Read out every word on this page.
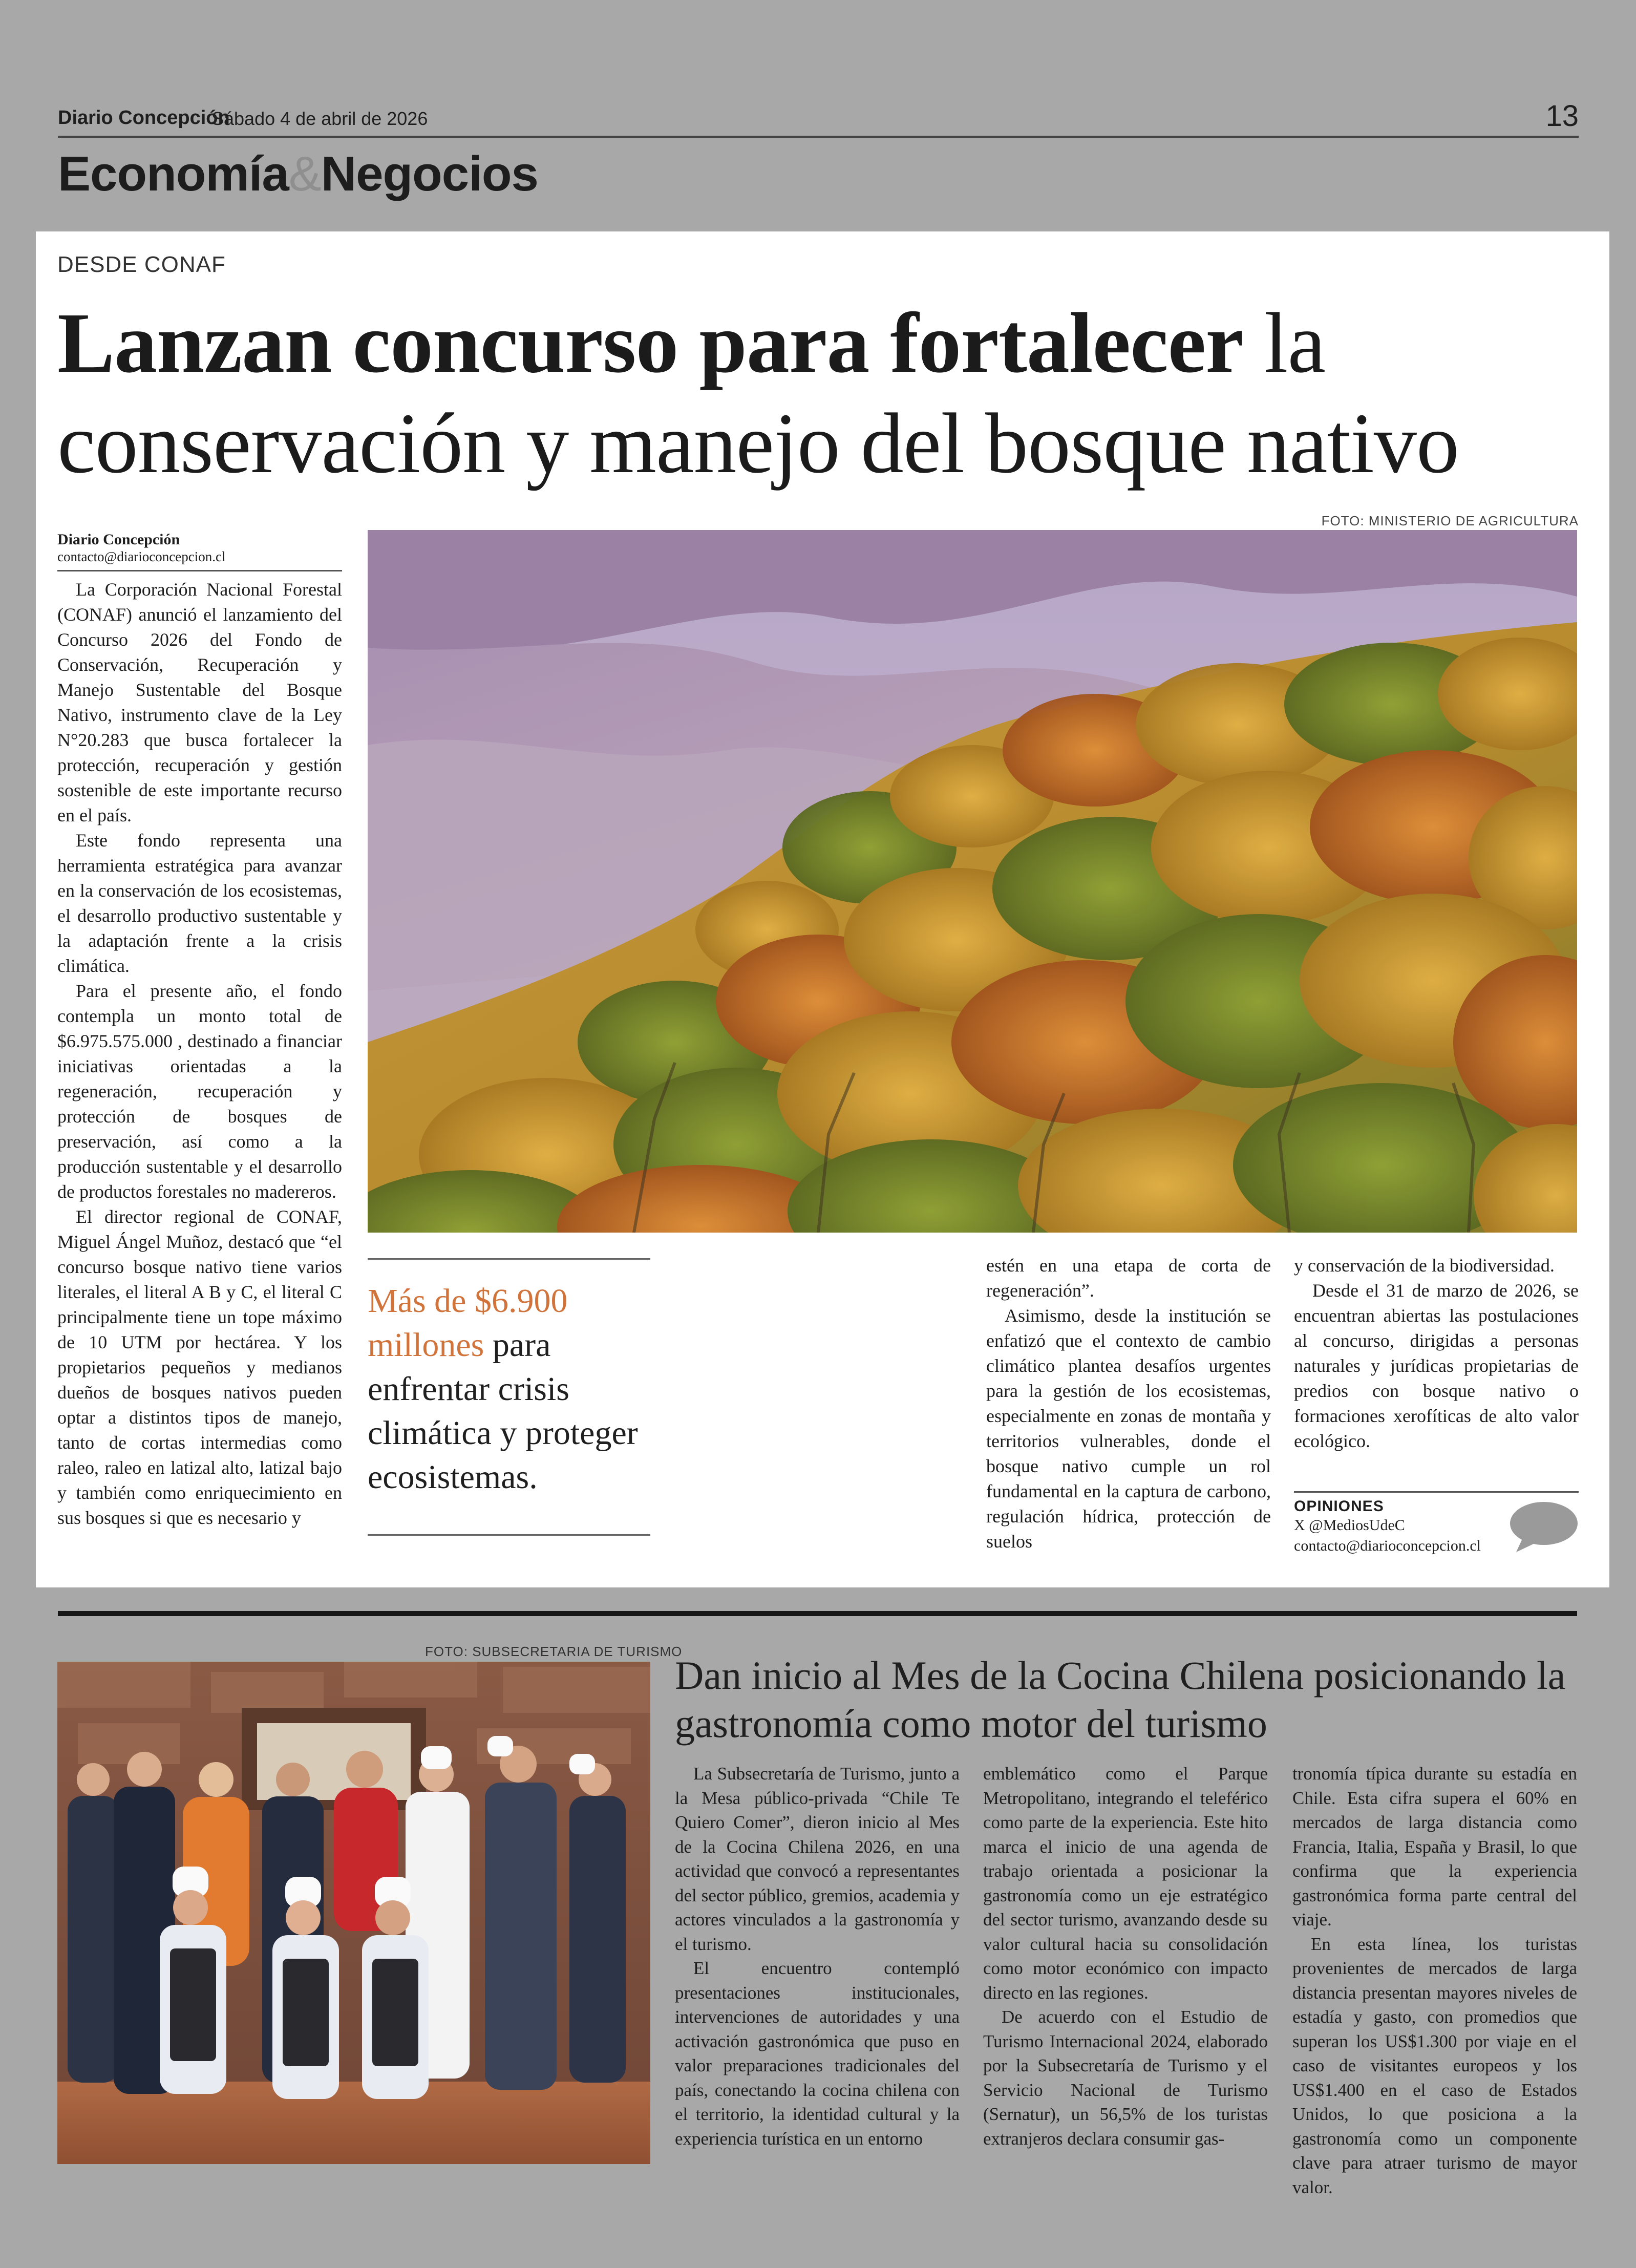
Diario Concepción
Sábado 4 de abril de 2026	13
Economía&Negocios
DESDE CONAF
Lanzan concurso para fortalecer la conservación y manejo del bosque nativo
Diario Concepción
contacto@diarioconcepcion.cl

La Corporación Nacional Forestal (CONAF) anunció el lanzamiento del Concurso 2026 del Fondo de Conservación, Recuperación y Manejo Sustentable del Bosque Nativo, instrumento clave de la Ley N°20.283 que busca fortalecer la protección, recuperación y gestión sostenible de este importante recurso en el país.

Este fondo representa una herramienta estratégica para avanzar en la conservación de los ecosistemas, el desarrollo productivo sustentable y la adaptación frente a la crisis climática.

Para el presente año, el fondo contempla un monto total de $6.975.575.000 , destinado a financiar iniciativas orientadas a la regeneración, recuperación y protección de bosques de preservación, así como a la producción sustentable y el desarrollo de productos forestales no madereros.

El director regional de CONAF, Miguel Ángel Muñoz, destacó que “el concurso bosque nativo tiene varios literales, el literal A B y C, el literal C principalmente tiene un tope máximo de 10 UTM por hectárea. Y los propietarios pequeños y medianos dueños de bosques nativos pueden optar a distintos tipos de manejo, tanto de cortas intermedias como raleo, raleo en latizal alto, latizal bajo y también como enriquecimiento en sus bosques si que es necesario y

FOTO: MINISTERIO DE AGRICULTURA
Más de $6.900 millones para enfrentar crisis climática y proteger ecosistemas.

estén en una etapa de corta de regeneración”.

Asimismo, desde la institución se enfatizó que el contexto de cambio climático plantea desafíos urgentes para la gestión de los ecosistemas, especialmente en zonas de montaña y territorios vulnerables, donde el bosque nativo cumple un rol fundamental en la captura de carbono, regulación hídrica, protección de suelos

y conservación de la biodiversidad.

Desde el 31 de marzo de 2026, se encuentran abiertas las postulaciones al concurso, dirigidas a personas naturales y jurídicas propietarias de predios con bosque nativo o formaciones xerofíticas de alto valor ecológico.

OPINIONES
X @MediosUdeC
contacto@diarioconcepcion.cl
FOTO: SUBSECRETARIA DE TURISMO
Dan inicio al Mes de la Cocina Chilena posicionando la gastronomía como motor del turismo

La Subsecretaría de Turismo, junto a la Mesa público-privada “Chile Te Quiero Comer”, dieron inicio al Mes de la Cocina Chilena 2026, en una actividad que convocó a representantes del sector público, gremios, academia y actores vinculados a la gastronomía y el turismo.

El encuentro contempló presentaciones institucionales, intervenciones de autoridades y una activación gastronómica que puso en valor preparaciones tradicionales del país, conectando la cocina chilena con el territorio, la identidad cultural y la experiencia turística en un entorno

emblemático como el Parque Metropolitano, integrando el teleférico como parte de la experiencia. Este hito marca el inicio de una agenda de trabajo orientada a posicionar la gastronomía como un eje estratégico del sector turismo, avanzando desde su valor cultural hacia su consolidación como motor económico con impacto directo en las regiones.

De acuerdo con el Estudio de Turismo Internacional 2024, elaborado por la Subsecretaría de Turismo y el Servicio Nacional de Turismo (Sernatur), un 56,5% de los turistas extranjeros declara consumir gas-

tronomía típica durante su estadía en Chile. Esta cifra supera el 60% en mercados de larga distancia como Francia, Italia, España y Brasil, lo que confirma que la experiencia gastronómica forma parte central del viaje.

En esta línea, los turistas provenientes de mercados de larga distancia presentan mayores niveles de estadía y gasto, con promedios que superan los US$1.300 por viaje en el caso de visitantes europeos y los US$1.400 en el caso de Estados Unidos, lo que posiciona a la gastronomía como un componente clave para atraer turismo de mayor valor.
